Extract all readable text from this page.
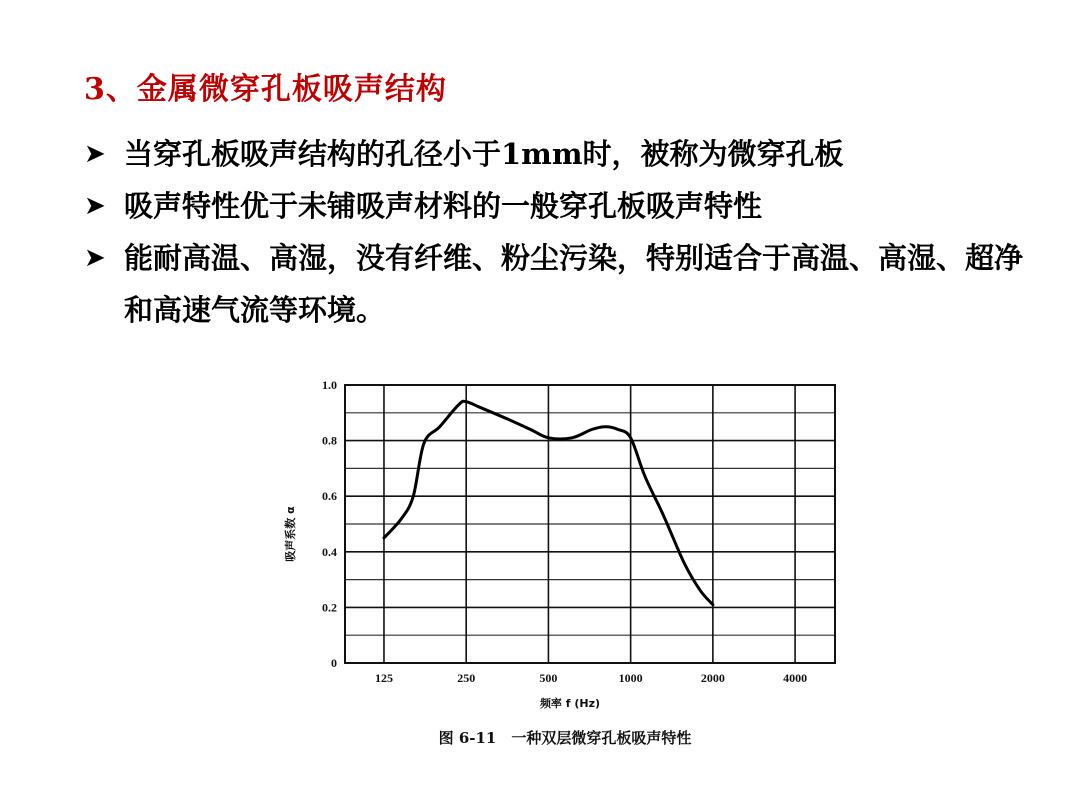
3、金属微穿孔板吸声结构
➤ 当穿孔板吸声结构的孔径小于1mm时，被称为微穿孔板
➤ 吸声特性优于未铺吸声材料的一般穿孔板吸声特性
➤ 能耐高温、高湿，没有纤维、粉尘污染，特别适合于高温、高湿、超净和高速气流等环境。
0
0.2
0.4
0.6
0.8
1.0
125	250	500	1000	2000	4000
频率 f (Hz)
吸声系数 α
图 6-11　一种双层微穿孔板吸声特性
